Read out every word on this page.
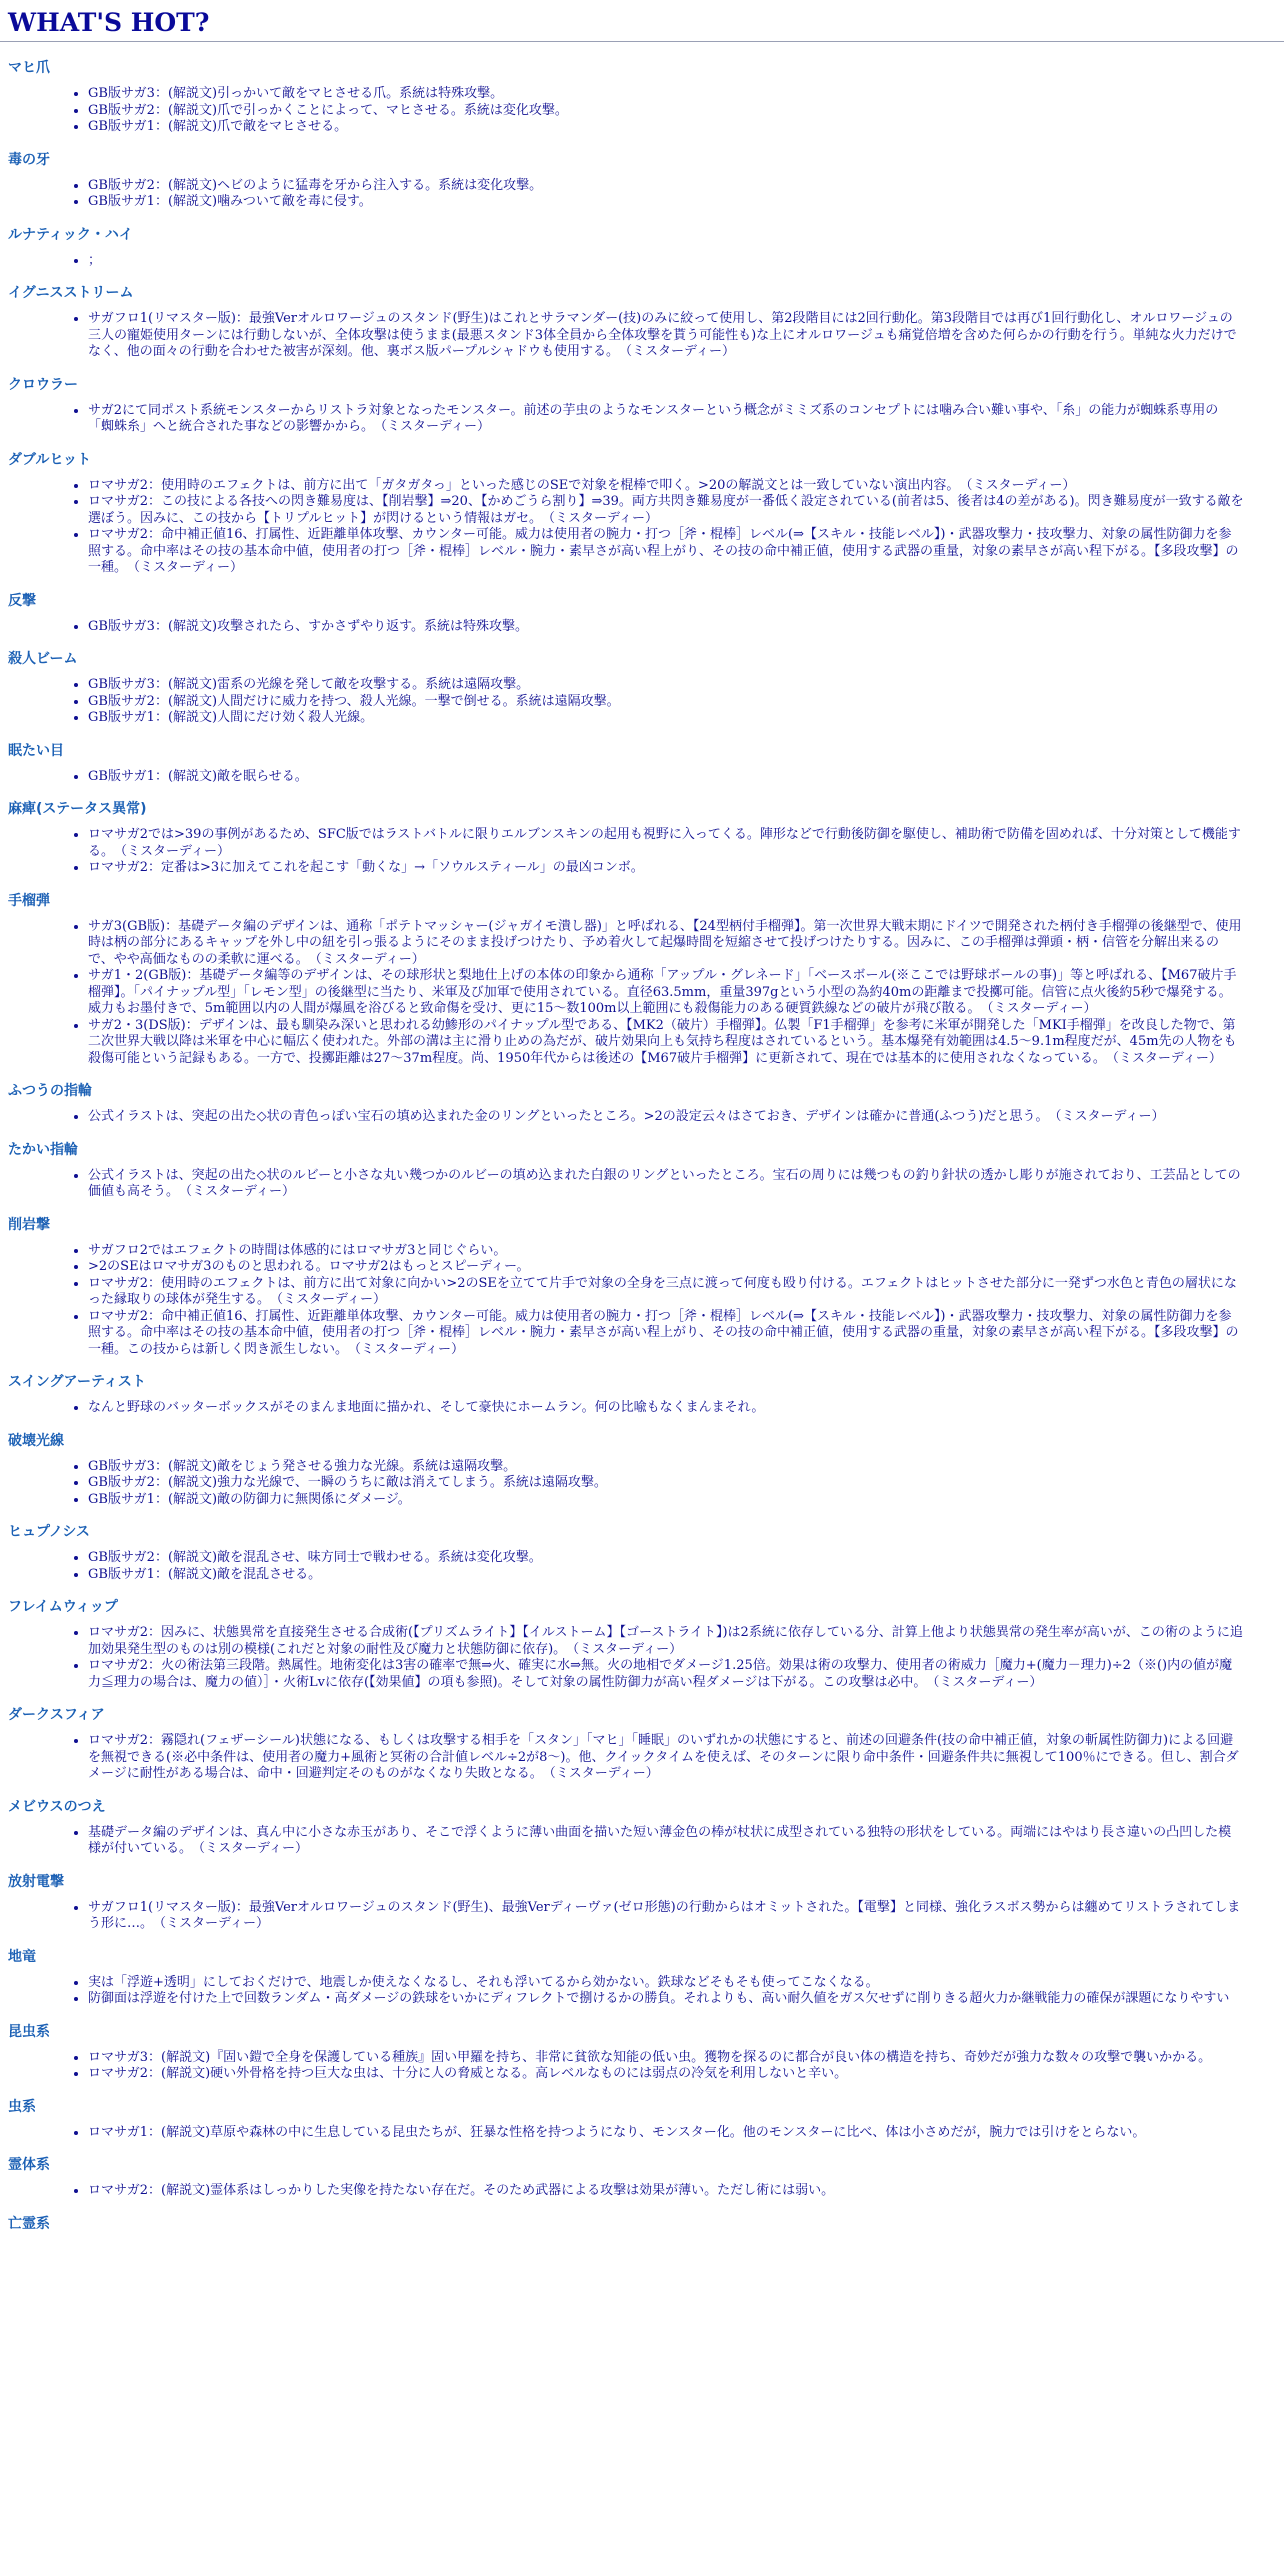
WHAT'S HOT?
マヒ爪
• GB版サガ3：(解説文)引っかいて敵をマヒさせる爪。系統は特殊攻撃。
• GB版サガ2：(解説文)爪で引っかくことによって、マヒさせる。系統は変化攻撃。
• GB版サガ1：(解説文)爪で敵をマヒさせる。
毒の牙
• GB版サガ2：(解説文)ヘビのように猛毒を牙から注入する。系統は変化攻撃。
• GB版サガ1：(解説文)噛みついて敵を毒に侵す。
ルナティック・ハイ
• ；
イグニスストリーム
• サガフロ1(リマスター版)：最強Verオルロワージュのスタンド(野生)はこれとサラマンダー(技)のみに絞って使用し、第2段階目には2回行動化。第3段階目では再び1回行動化し、オルロワージュの三人の寵姫使用ターンには行動しないが、全体攻撃は使うまま(最悪スタンド3体全員から全体攻撃を貰う可能性も)な上にオルロワージュも痛覚倍増を含めた何らかの行動を行う。単純な火力だけでなく、他の面々の行動を合わせた被害が深刻。他、裏ボス版パープルシャドウも使用する。 （ミスターディー）
クロウラー
• サガ2にて同ポスト系統モンスターからリストラ対象となったモンスター。前述の芋虫のようなモンスターという概念がミミズ系のコンセプトには噛み合い難い事や、「糸」の能力が蜘蛛系専用の「蜘蛛糸」へと統合された事などの影響かから。 （ミスターディー）
ダブルヒット
• ロマサガ2：使用時のエフェクトは、前方に出て「ガタガタっ」といった感じのSEで対象を棍棒で叩く。>20の解説文とは一致していない演出内容。 （ミスターディー）
• ロマサガ2：この技による各技への閃き難易度は、【削岩撃】⇒20、【かめごうら割り】⇒39。両方共閃き難易度が一番低く設定されている(前者は5、後者は4の差がある)。閃き難易度が一致する敵を選ぼう。因みに、この技から【トリプルヒット】が閃けるという情報はガセ。 （ミスターディー）
• ロマサガ2：命中補正値16、打属性、近距離単体攻撃、カウンター可能。威力は使用者の腕力・打つ［斧・棍棒］レベル(⇒【スキル・技能レベル】)・武器攻撃力・技攻撃力、対象の属性防御力を参照する。命中率はその技の基本命中値，使用者の打つ［斧・棍棒］レベル・腕力・素早さが高い程上がり、その技の命中補正値，使用する武器の重量，対象の素早さが高い程下がる。【多段攻撃】の一種。 （ミスターディー）
反撃
• GB版サガ3：(解説文)攻撃されたら、すかさずやり返す。系統は特殊攻撃。
殺人ビーム
• GB版サガ3：(解説文)雷系の光線を発して敵を攻撃する。系統は遠隔攻撃。
• GB版サガ2：(解説文)人間だけに威力を持つ、殺人光線。一撃で倒せる。系統は遠隔攻撃。
• GB版サガ1：(解説文)人間にだけ効く殺人光線。
眠たい目
• GB版サガ1：(解説文)敵を眠らせる。
麻痺(ステータス異常)
• ロマサガ2では>39の事例があるため、SFC版ではラストバトルに限りエルブンスキンの起用も視野に入ってくる。陣形などで行動後防御を駆使し、補助術で防備を固めれば、十分対策として機能する。 （ミスターディー）
• ロマサガ2：定番は>3に加えてこれを起こす「動くな」→「ソウルスティール」の最凶コンボ。
手榴弾
• サガ3(GB版)：基礎データ編のデザインは、通称「ポテトマッシャー(ジャガイモ潰し器)」と呼ばれる、【24型柄付手榴弾】。第一次世界大戦末期にドイツで開発された柄付き手榴弾の後継型で、使用時は柄の部分にあるキャップを外し中の紐を引っ張るようにそのまま投げつけたり、予め着火して起爆時間を短縮させて投げつけたりする。因みに、この手榴弾は弾頭・柄・信管を分解出来るので、やや高価なものの柔軟に運べる。 （ミスターディー）
• サガ1・2(GB版)：基礎データ編等のデザインは、その球形状と梨地仕上げの本体の印象から通称「アップル・グレネード」「ベースボール(※ここでは野球ボールの事)」等と呼ばれる、【M67破片手榴弾】。「パイナップル型」「レモン型」の後継型に当たり、米軍及び加軍で使用されている。直径63.5mm，重量397gという小型の為約40mの距離まで投擲可能。信管に点火後約5秒で爆発する。威力もお墨付きで、5m範囲以内の人間が爆風を浴びると致命傷を受け、更に15～数100m以上範囲にも殺傷能力のある硬質鉄線などの破片が飛び散る。 （ミスターディー）
• サガ2・3(DS版)：デザインは、最も馴染み深いと思われる幼鯵形のパイナップル型である、【MK2（破片）手榴弾】。仏製「F1手榴弾」を参考に米軍が開発した「MKI手榴弾」を改良した物で、第二次世界大戦以降は米軍を中心に幅広く使われた。外部の溝は主に滑り止めの為だが、破片効果向上も気持ち程度はされているという。基本爆発有効範囲は4.5～9.1m程度だが、45m先の人物をも殺傷可能という記録もある。一方で、投擲距離は27～37m程度。尚、1950年代からは後述の【M67破片手榴弾】に更新されて、現在では基本的に使用されなくなっている。 （ミスターディー）
ふつうの指輪
• 公式イラストは、突起の出た◇状の青色っぽい宝石の填め込まれた金のリングといったところ。>2の設定云々はさておき、デザインは確かに普通(ふつう)だと思う。 （ミスターディー）
たかい指輪
• 公式イラストは、突起の出た◇状のルビーと小さな丸い幾つかのルビーの填め込まれた白銀のリングといったところ。宝石の周りには幾つもの釣り針状の透かし彫りが施されており、工芸品としての価値も高そう。 （ミスターディー）
削岩撃
• サガフロ2ではエフェクトの時間は体感的にはロマサガ3と同じぐらい。
• >2のSEはロマサガ3のものと思われる。ロマサガ2はもっとスピーディー。
• ロマサガ2：使用時のエフェクトは、前方に出て対象に向かい>2のSEを立てて片手で対象の全身を三点に渡って何度も殴り付ける。エフェクトはヒットさせた部分に一発ずつ水色と青色の層状になった縁取りの球体が発生する。 （ミスターディー）
• ロマサガ2：命中補正値16、打属性、近距離単体攻撃、カウンター可能。威力は使用者の腕力・打つ［斧・棍棒］レベル(⇒【スキル・技能レベル】)・武器攻撃力・技攻撃力、対象の属性防御力を参照する。命中率はその技の基本命中値，使用者の打つ［斧・棍棒］レベル・腕力・素早さが高い程上がり、その技の命中補正値，使用する武器の重量，対象の素早さが高い程下がる。【多段攻撃】の一種。この技からは新しく閃き派生しない。 （ミスターディー）
スイングアーティスト
• なんと野球のバッターボックスがそのまんま地面に描かれ、そして豪快にホームラン。何の比喩もなくまんまそれ。
破壊光線
• GB版サガ3：(解説文)敵をじょう発させる強力な光線。系統は遠隔攻撃。
• GB版サガ2：(解説文)強力な光線で、一瞬のうちに敵は消えてしまう。系統は遠隔攻撃。
• GB版サガ1：(解説文)敵の防御力に無関係にダメージ。
ヒュプノシス
• GB版サガ2：(解説文)敵を混乱させ、味方同士で戦わせる。系統は変化攻撃。
• GB版サガ1：(解説文)敵を混乱させる。
フレイムウィップ
• ロマサガ2：因みに、状態異常を直接発生させる合成術(【プリズムライト】【イルストーム】【ゴーストライト】)は2系統に依存している分、計算上他より状態異常の発生率が高いが、この術のように追加効果発生型のものは別の模様(これだと対象の耐性及び魔力と状態防御に依存)。 （ミスターディー）
• ロマサガ2：火の術法第三段階。熱属性。地術変化は3害の確率で無⇒火、確実に水⇒無。火の地相でダメージ1.25倍。効果は術の攻撃力、使用者の術威力［魔力+(魔力－理力)÷2（※()内の値が魔力≦理力の場合は、魔力の値）］・火術Lvに依存(【効果値】の項も参照)。そして対象の属性防御力が高い程ダメージは下がる。この攻撃は必中。 （ミスターディー）
ダークスフィア
• ロマサガ2：霧隠れ(フェザーシール)状態になる、もしくは攻撃する相手を「スタン」「マヒ」「睡眠」のいずれかの状態にすると、前述の回避条件(技の命中補正値，対象の斬属性防御力)による回避を無視できる(※必中条件は、使用者の魔力+風術と冥術の合計値レベル÷2が8～)。他、クイックタイムを使えば、そのターンに限り命中条件・回避条件共に無視して100％にできる。但し、割合ダメージに耐性がある場合は、命中・回避判定そのものがなくなり失敗となる。 （ミスターディー）
メビウスのつえ
• 基礎データ編のデザインは、真ん中に小さな赤玉があり、そこで浮くように薄い曲面を描いた短い薄金色の棒が杖状に成型されている独特の形状をしている。両端にはやはり長さ違いの凸凹した模様が付いている。 （ミスターディー）
放射電撃
• サガフロ1(リマスター版)：最強Verオルロワージュのスタンド(野生)、最強Verディーヴァ(ゼロ形態)の行動からはオミットされた。【電撃】と同様、強化ラスボス勢からは纏めてリストラされてしまう形に…。 （ミスターディー）
地竜
• 実は「浮遊+透明」にしておくだけで、地震しか使えなくなるし、それも浮いてるから効かない。鉄球などそもそも使ってこなくなる。
• 防御面は浮遊を付けた上で回数ランダム・高ダメージの鉄球をいかにディフレクトで捌けるかの勝負。それよりも、高い耐久値をガス欠せずに削りきる超火力か継戦能力の確保が課題になりやすい
昆虫系
• ロマサガ3：(解説文)『固い鎧で全身を保護している種族』固い甲羅を持ち、非常に貧欲な知能の低い虫。獲物を探るのに都合が良い体の構造を持ち、奇妙だが強力な数々の攻撃で襲いかかる。
• ロマサガ2：(解説文)硬い外骨格を持つ巨大な虫は、十分に人の脅威となる。高レベルなものには弱点の冷気を利用しないと辛い。
虫系
• ロマサガ1：(解説文)草原や森林の中に生息している昆虫たちが、狂暴な性格を持つようになり、モンスター化。他のモンスターに比べ、体は小さめだが，腕力では引けをとらない。
霊体系
• ロマサガ2：(解説文)霊体系はしっかりした実像を持たない存在だ。そのため武器による攻撃は効果が薄い。ただし術には弱い。
亡霊系
